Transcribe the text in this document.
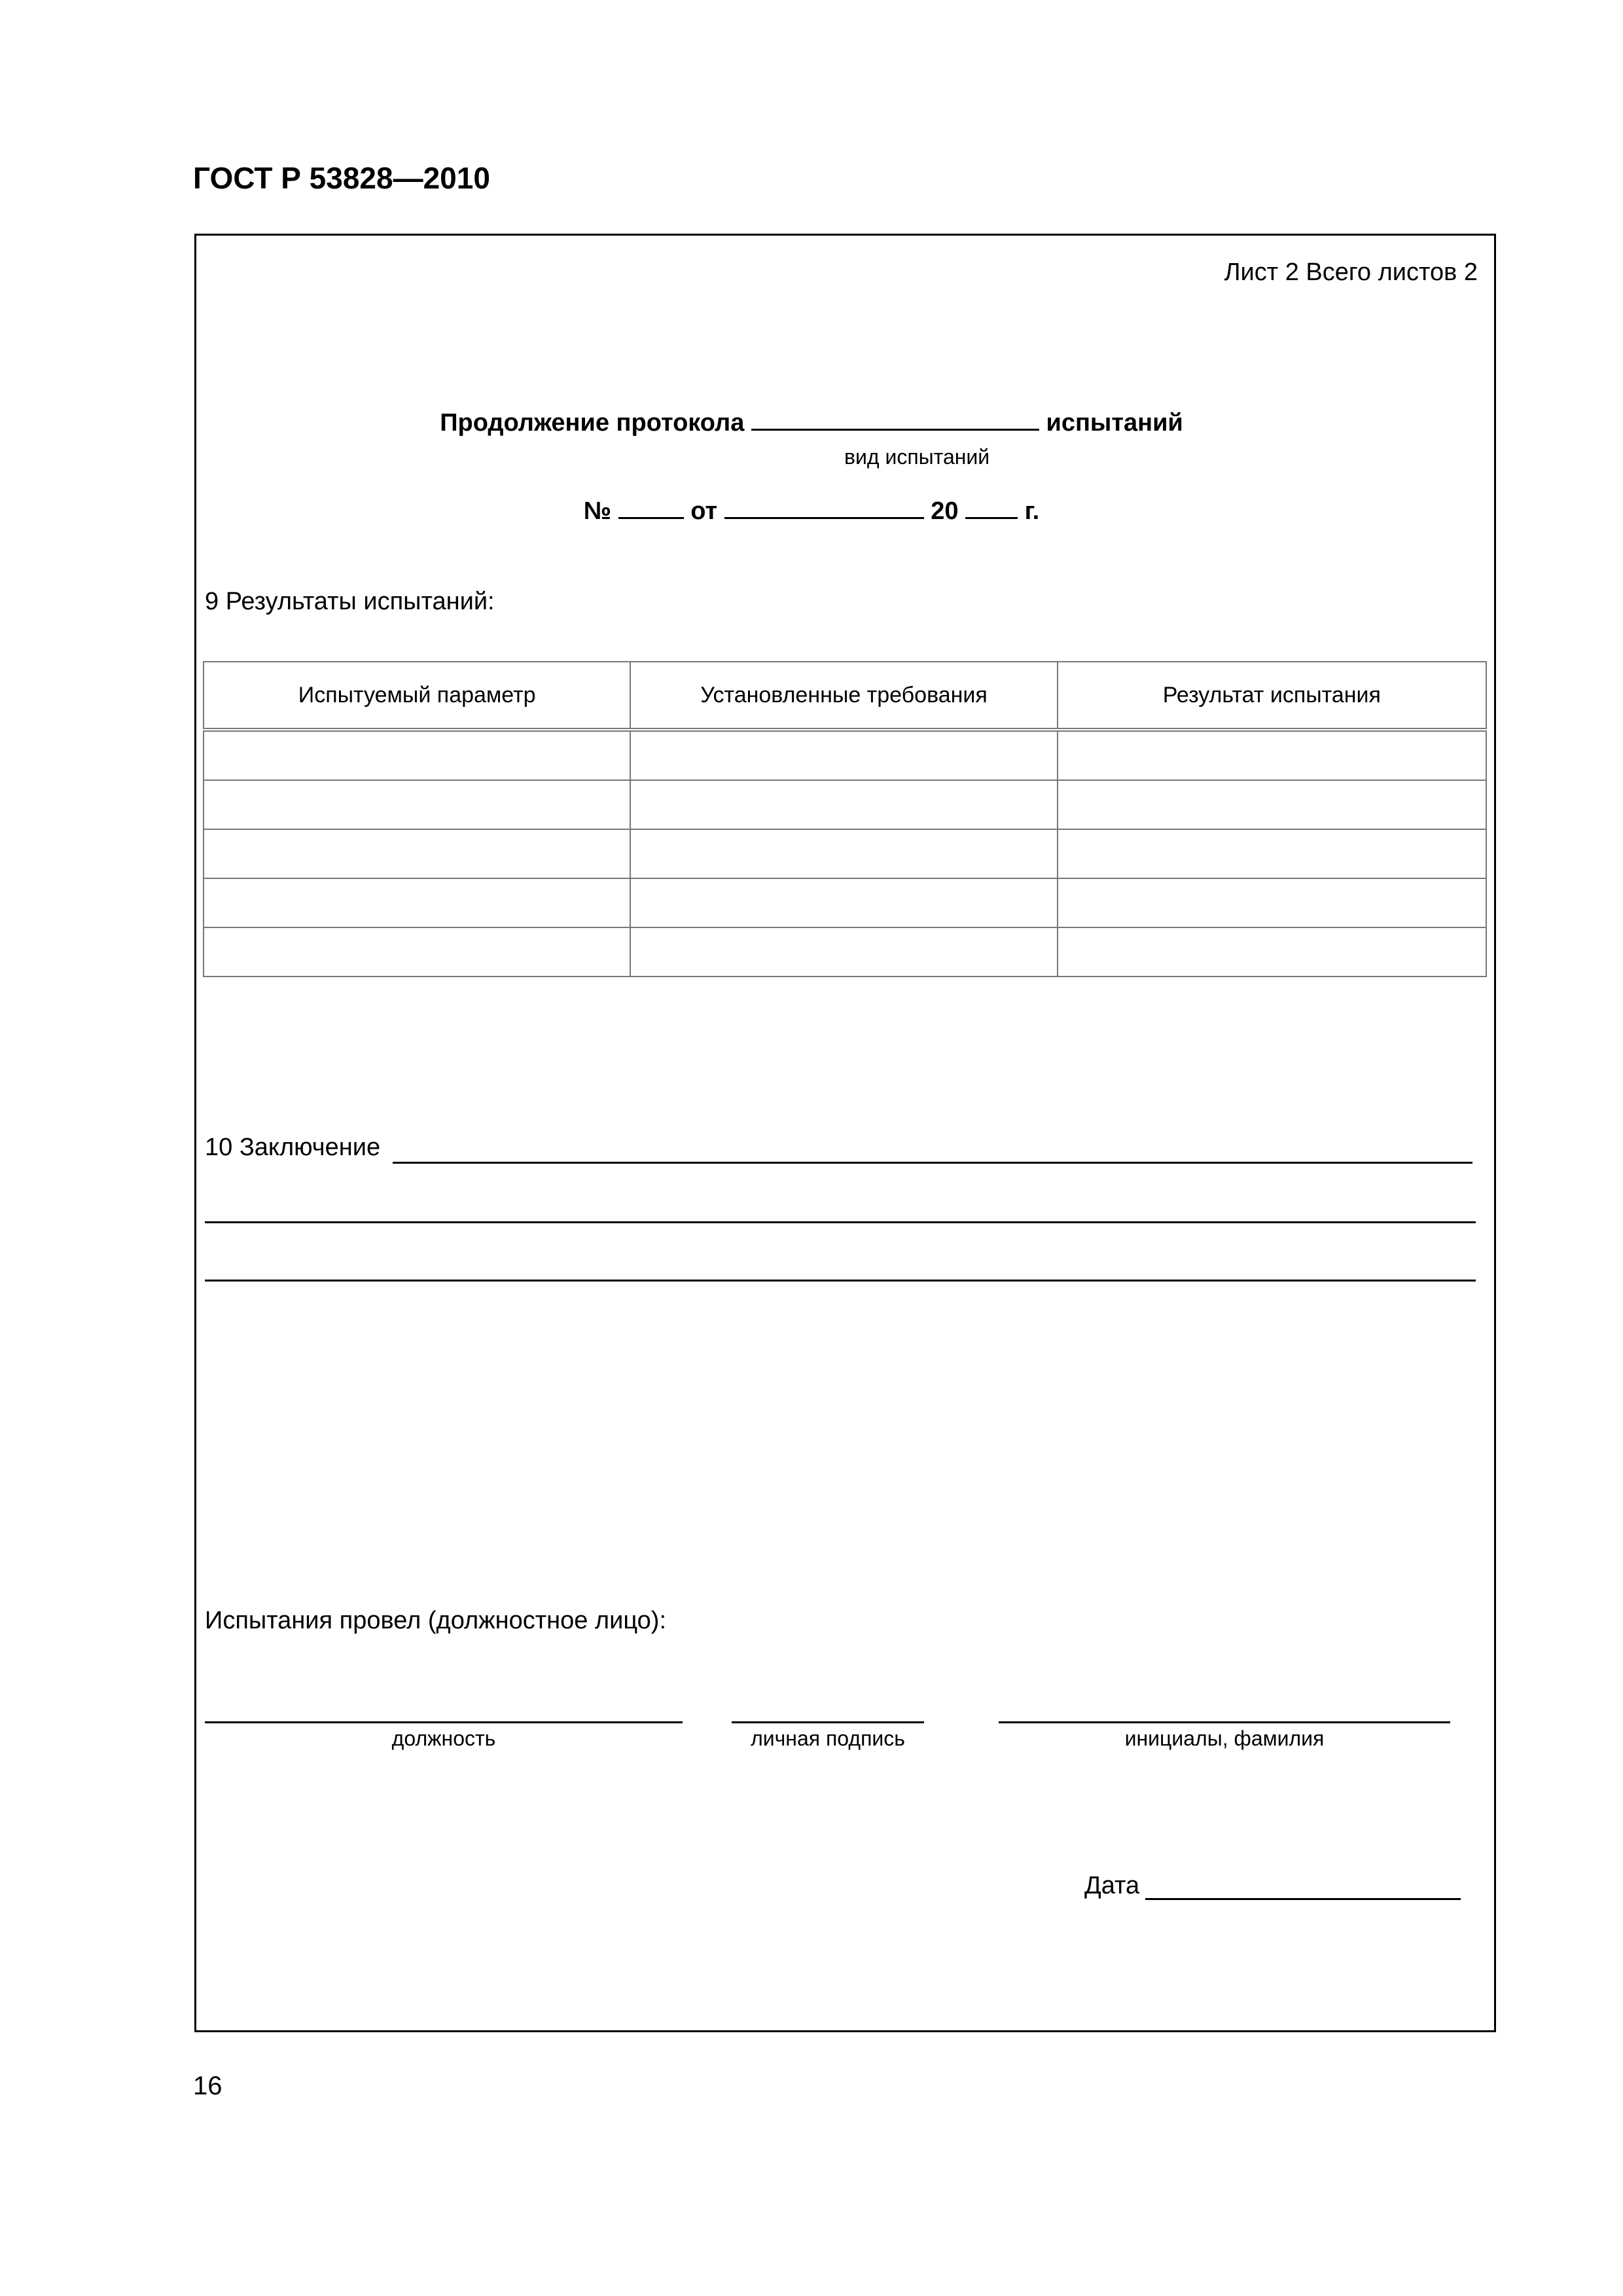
ГОСТ Р 53828—2010
Лист 2 Всего листов 2
Продолжение протокола	испытаний
вид испытаний
№	от	20	г.
9 Результаты испытаний:
Испытуемый параметр	Установленные требования	Результат испытания

10 Заключение
Испытания провел (должностное лицо):
должность	личная подпись	инициалы, фамилия
Дата
16
